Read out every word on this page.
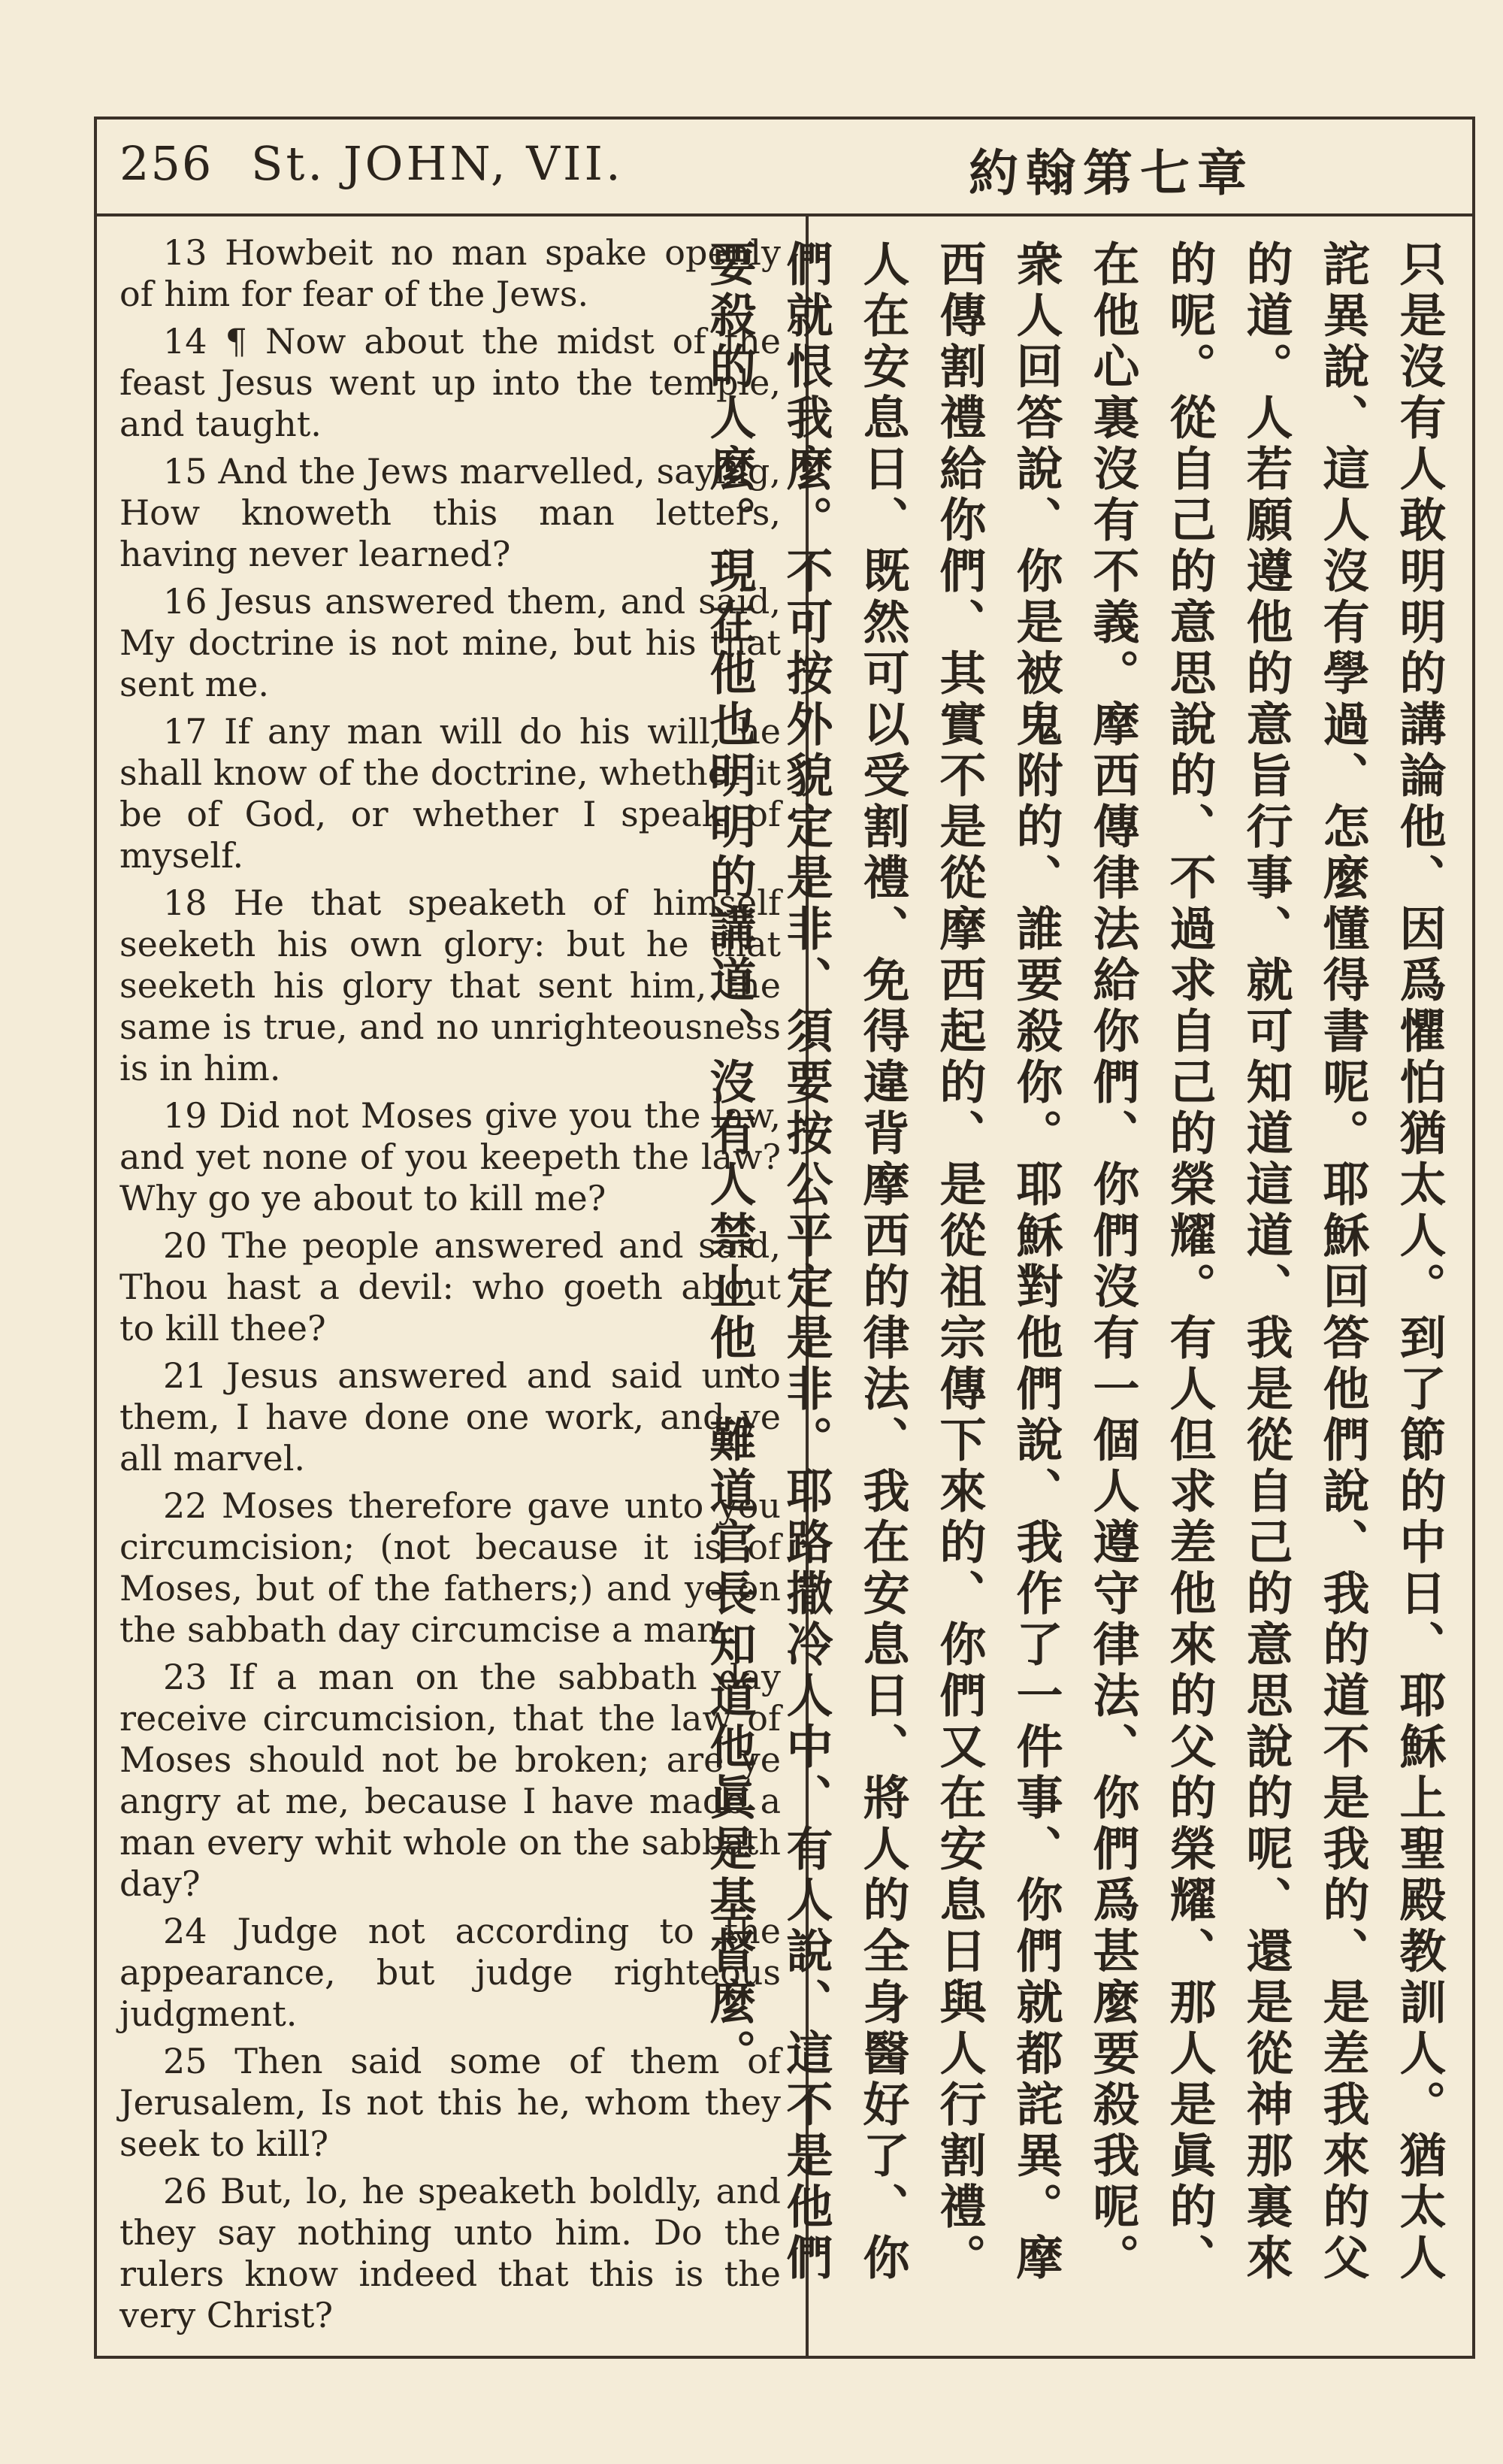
256 St. JOHN, VII.	約翰第七章

13 Howbeit no man spake openly of him for fear of the Jews.

14 ¶ Now about the midst of the feast Jesus went up into the temple, and taught.

15 And the Jews marvelled, saying, How knoweth this man letters, having never learned?

16 Jesus answered them, and said, My doctrine is not mine, but his that sent me.

17 If any man will do his will, he shall know of the doctrine, whether it be of God, or whether I speak of myself.

18 He that speaketh of himself seeketh his own glory: but he that seeketh his glory that sent him, the same is true, and no unrighteousness is in him.

19 Did not Moses give you the law, and yet none of you keepeth the law? Why go ye about to kill me?

20 The people answered and said, Thou hast a devil: who goeth about to kill thee?

21 Jesus answered and said unto them, I have done one work, and ye all marvel.

22 Moses therefore gave unto you circumcision; (not because it is of Moses, but of the fathers;) and ye on the sabbath day circumcise a man.

23 If a man on the sabbath day receive circumcision, that the law of Moses should not be broken; are ye angry at me, because I have made a man every whit whole on the sabbath day?

24 Judge not according to the appearance, but judge righteous judgment.

25 Then said some of them of Jerusalem, Is not this he, whom they seek to kill?

26 But, lo, he speaketh boldly, and they say nothing unto him. Do the rulers know indeed that this is the very Christ?

只是沒有人敢明明的講論他、因爲懼怕猶太人。到了節的中日、耶穌上聖殿教訓人。猶太人詫異說、這人沒有學過、怎麼懂得書呢。耶穌回答他們說、我的道不是我的、是差我來的父的道。人若願遵他的意旨行事、就可知道這道、我是從自己的意思說的呢、還是從神那裏來的呢。從自己的意思說的、不過求自己的榮耀。有人但求差他來的父的榮耀、那人是眞的、在他心裏沒有不義。摩西傳律法給你們、你們沒有一個人遵守律法、你們爲甚麼要殺我呢。衆人回答說、你是被鬼附的、誰要殺你。耶穌對他們說、我作了一件事、你們就都詫異。摩西傳割禮給你們、其實不是從摩西起的、是從祖宗傳下來的、你們又在安息日與人行割禮。人在安息日、既然可以受割禮、免得違背摩西的律法、我在安息日、將人的全身醫好了、你們就恨我麼。不可按外貌定是非、須要按公平定是非。耶路撒冷人中、有人說、這不是他們要殺的人麼。現在他也明明的講道、沒有人禁止他、難道官長知道他眞是基督麼。
